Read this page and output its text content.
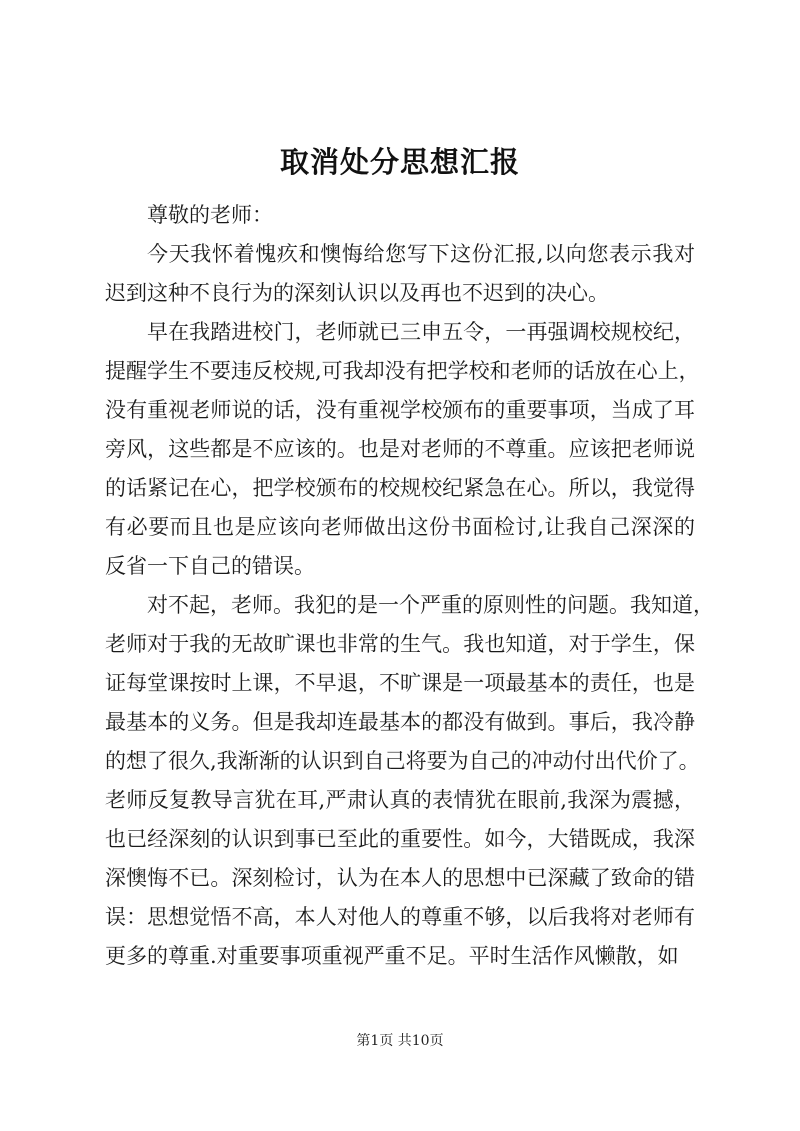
取消处分思想汇报
尊敬的老师：
今天我怀着愧疚和懊悔给您写下这份汇报,以向您表示我对
迟到这种不良行为的深刻认识以及再也不迟到的决心。
早在我踏进校门，老师就已三申五令，一再强调校规校纪，
提醒学生不要违反校规,可我却没有把学校和老师的话放在心上，
没有重视老师说的话，没有重视学校颁布的重要事项，当成了耳
旁风，这些都是不应该的。也是对老师的不尊重。应该把老师说
的话紧记在心，把学校颁布的校规校纪紧急在心。所以，我觉得
有必要而且也是应该向老师做出这份书面检讨,让我自己深深的
反省一下自己的错误。
对不起，老师。我犯的是一个严重的原则性的问题。我知道，
老师对于我的无故旷课也非常的生气。我也知道，对于学生，保
证每堂课按时上课，不早退，不旷课是一项最基本的责任，也是
最基本的义务。但是我却连最基本的都没有做到。事后，我冷静
的想了很久,我渐渐的认识到自己将要为自己的冲动付出代价了。
老师反复教导言犹在耳,严肃认真的表情犹在眼前,我深为震撼，
也已经深刻的认识到事已至此的重要性。如今，大错既成，我深
深懊悔不已。深刻检讨，认为在本人的思想中已深藏了致命的错
误：思想觉悟不高，本人对他人的尊重不够，以后我将对老师有
更多的尊重.对重要事项重视严重不足。平时生活作风懒散，如
第1页 共10页
